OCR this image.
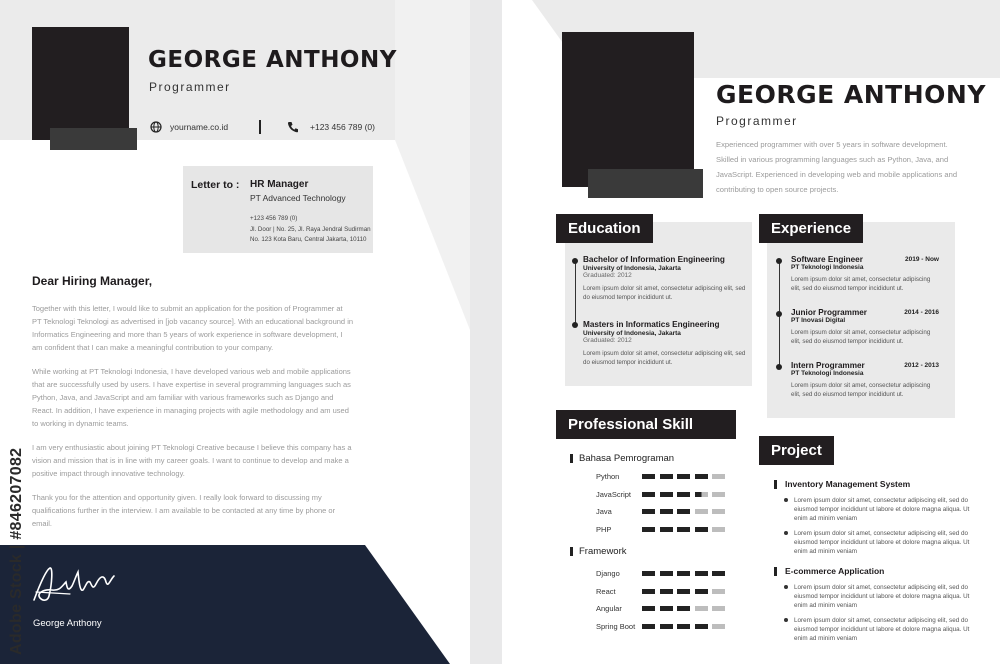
GEORGE ANTHONY
Programmer
yourname.co.id	+123 456 789 (0)
Letter to : HR Manager
PT Advanced Technology
+123 456 789 (0)
Jl. Door | No. 25, Jl. Raya Jendral Sudirman
No. 123 Kota Baru, Central Jakarta, 10110
Dear Hiring Manager,

Together with this letter, I would like to submit an application for the position of Programmer at PT Teknologi Teknologi as advertised in [job vacancy source]. With an educational background in Informatics Engineering and more than 5 years of work experience in software development, I am confident that I can make a meaningful contribution to your company.

While working at PT Teknologi Indonesia, I have developed various web and mobile applications that are successfully used by users. I have expertise in several programming languages such as Python, Java, and JavaScript and am familiar with various frameworks such as Django and React. In addition, I have experience in managing projects with agile methodology and am used to working in dynamic teams.

I am very enthusiastic about joining PT Teknologi Creative because I believe this company has a vision and mission that is in line with my career goals. I want to continue to develop and make a positive impact through innovative technology.

Thank you for the attention and opportunity given. I really look forward to discussing my qualifications further in the interview. I am available to be contacted at any time by phone or email.

George Anthony
Adobe Stock | #846207082
GEORGE ANTHONY
Programmer
Experienced programmer with over 5 years in software development. Skilled in various programming languages such as Python, Java, and JavaScript. Experienced in developing web and mobile applications and contributing to open source projects.
Education
Bachelor of Information Engineering
University of Indonesia, Jakarta
Graduated: 2012
Lorem ipsum dolor sit amet, consectetur adipiscing elit, sed do eiusmod tempor incididunt ut.
Masters in Informatics Engineering
University of Indonesia, Jakarta
Graduated: 2012
Lorem ipsum dolor sit amet, consectetur adipiscing elit, sed do eiusmod tempor incididunt ut.
Experience
Software Engineer	2019 - Now
PT Teknologi Indonesia
Lorem ipsum dolor sit amet, consectetur adipiscing elit, sed do eiusmod tempor incididunt ut.
Junior Programmer	2014 - 2016
PT Inovasi Digital
Lorem ipsum dolor sit amet, consectetur adipiscing elit, sed do eiusmod tempor incididunt ut.
Intern Programmer	2012 - 2013
PT Teknologi Indonesia
Lorem ipsum dolor sit amet, consectetur adipiscing elit, sed do eiusmod tempor incididunt ut.
Professional Skill
Bahasa Pemrograman
Python
JavaScript
Java
PHP
Framework
Django
React
Angular
Spring Boot
Project
Inventory Management System
Lorem ipsum dolor sit amet, consectetur adipiscing elit, sed do eiusmod tempor incididunt ut labore et dolore magna aliqua. Ut enim ad minim veniam
Lorem ipsum dolor sit amet, consectetur adipiscing elit, sed do eiusmod tempor incididunt ut labore et dolore magna aliqua. Ut enim ad minim veniam
E-commerce Application
Lorem ipsum dolor sit amet, consectetur adipiscing elit, sed do eiusmod tempor incididunt ut labore et dolore magna aliqua. Ut enim ad minim veniam
Lorem ipsum dolor sit amet, consectetur adipiscing elit, sed do eiusmod tempor incididunt ut labore et dolore magna aliqua. Ut enim ad minim veniam
